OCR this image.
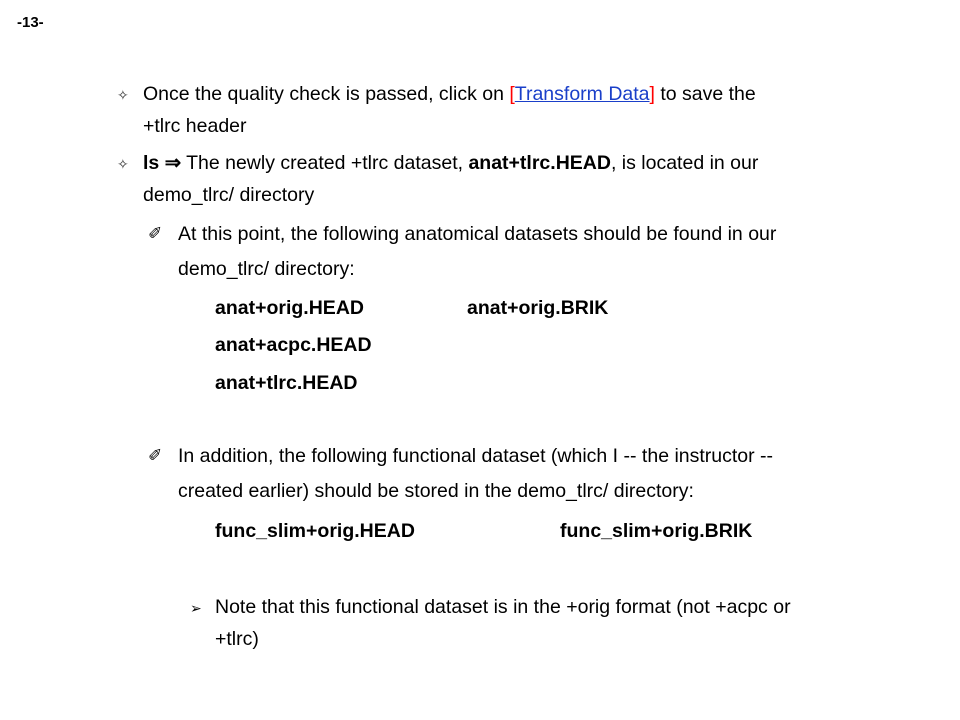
-13-
✧ Once the quality check is passed, click on [Transform Data] to save the
+tlrc header
✧ ls ⇒ The newly created +tlrc dataset, anat+tlrc.HEAD, is located in our
demo_tlrc/ directory
✐ At this point, the following anatomical datasets should be found in our
demo_tlrc/ directory:
anat+orig.HEAD	anat+orig.BRIK
anat+acpc.HEAD
anat+tlrc.HEAD
✐ In addition, the following functional dataset (which I -- the instructor --
created earlier) should be stored in the demo_tlrc/ directory:
func_slim+orig.HEAD	func_slim+orig.BRIK
➢ Note that this functional dataset is in the +orig format (not +acpc or
+tlrc)
